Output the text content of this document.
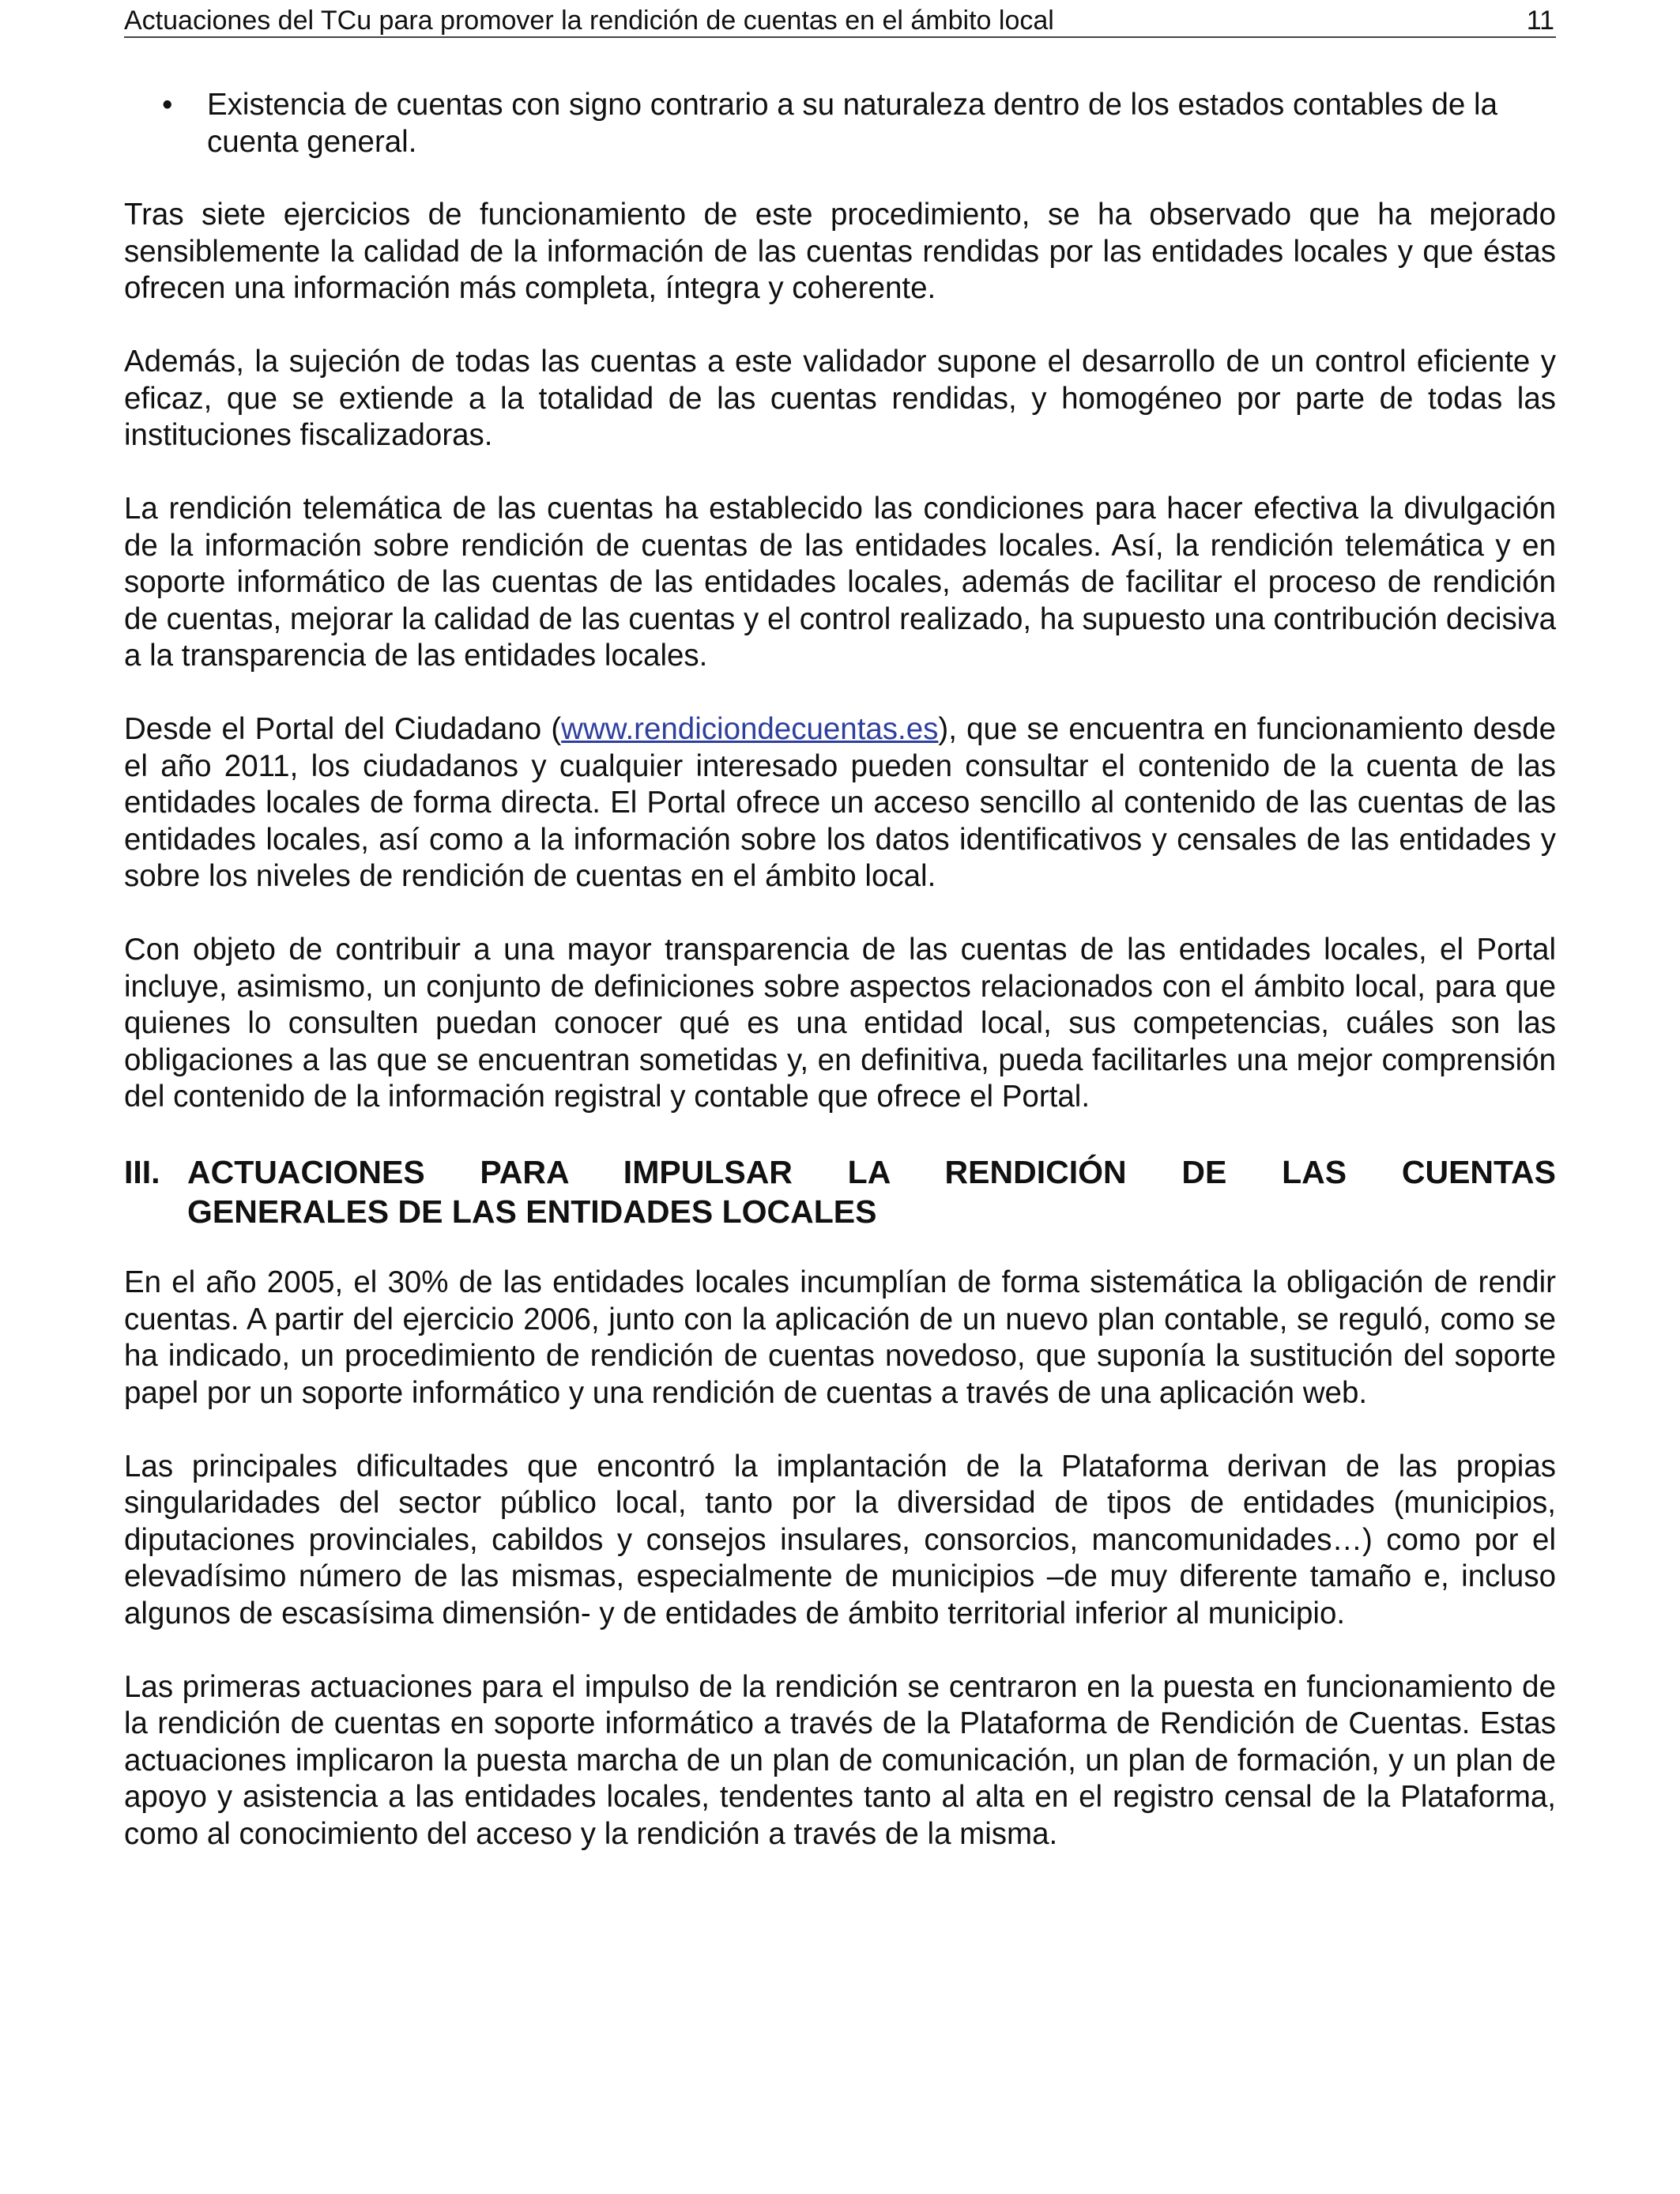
Actuaciones del TCu para promover la rendición de cuentas en el ámbito local	11
• Existencia de cuentas con signo contrario a su naturaleza dentro de los estados contables de la cuenta general.

Tras siete ejercicios de funcionamiento de este procedimiento, se ha observado que ha mejorado sensiblemente la calidad de la información de las cuentas rendidas por las entidades locales y que éstas ofrecen una información más completa, íntegra y coherente.

Además, la sujeción de todas las cuentas a este validador supone el desarrollo de un control eficiente y eficaz, que se extiende a la totalidad de las cuentas rendidas, y homogéneo por parte de todas las instituciones fiscalizadoras.

La rendición telemática de las cuentas ha establecido las condiciones para hacer efectiva la divulgación de la información sobre rendición de cuentas de las entidades locales. Así, la rendición telemática y en soporte informático de las cuentas de las entidades locales, además de facilitar el proceso de rendición de cuentas, mejorar la calidad de las cuentas y el control realizado, ha supuesto una contribución decisiva a la transparencia de las entidades locales.

Desde el Portal del Ciudadano (www.rendiciondecuentas.es), que se encuentra en funcionamiento desde el año 2011, los ciudadanos y cualquier interesado pueden consultar el contenido de la cuenta de las entidades locales de forma directa. El Portal ofrece un acceso sencillo al contenido de las cuentas de las entidades locales, así como a la información sobre los datos identificativos y censales de las entidades y sobre los niveles de rendición de cuentas en el ámbito local.

Con objeto de contribuir a una mayor transparencia de las cuentas de las entidades locales, el Portal incluye, asimismo, un conjunto de definiciones sobre aspectos relacionados con el ámbito local, para que quienes lo consulten puedan conocer qué es una entidad local, sus competencias, cuáles son las obligaciones a las que se encuentran sometidas y, en definitiva, pueda facilitarles una mejor comprensión del contenido de la información registral y contable que ofrece el Portal.

III. ACTUACIONES PARA IMPULSAR LA RENDICIÓN DE LAS CUENTAS
GENERALES DE LAS ENTIDADES LOCALES

En el año 2005, el 30% de las entidades locales incumplían de forma sistemática la obligación de rendir cuentas. A partir del ejercicio 2006, junto con la aplicación de un nuevo plan contable, se reguló, como se ha indicado, un procedimiento de rendición de cuentas novedoso, que suponía la sustitución del soporte papel por un soporte informático y una rendición de cuentas a través de una aplicación web.

Las principales dificultades que encontró la implantación de la Plataforma derivan de las propias singularidades del sector público local, tanto por la diversidad de tipos de entidades (municipios, diputaciones provinciales, cabildos y consejos insulares, consorcios, mancomunidades…) como por el elevadísimo número de las mismas, especialmente de municipios –de muy diferente tamaño e, incluso algunos de escasísima dimensión- y de entidades de ámbito territorial inferior al municipio.

Las primeras actuaciones para el impulso de la rendición se centraron en la puesta en funcionamiento de la rendición de cuentas en soporte informático a través de la Plataforma de Rendición de Cuentas. Estas actuaciones implicaron la puesta marcha de un plan de comunicación, un plan de formación, y un plan de apoyo y asistencia a las entidades locales, tendentes tanto al alta en el registro censal de la Plataforma, como al conocimiento del acceso y la rendición a través de la misma.
